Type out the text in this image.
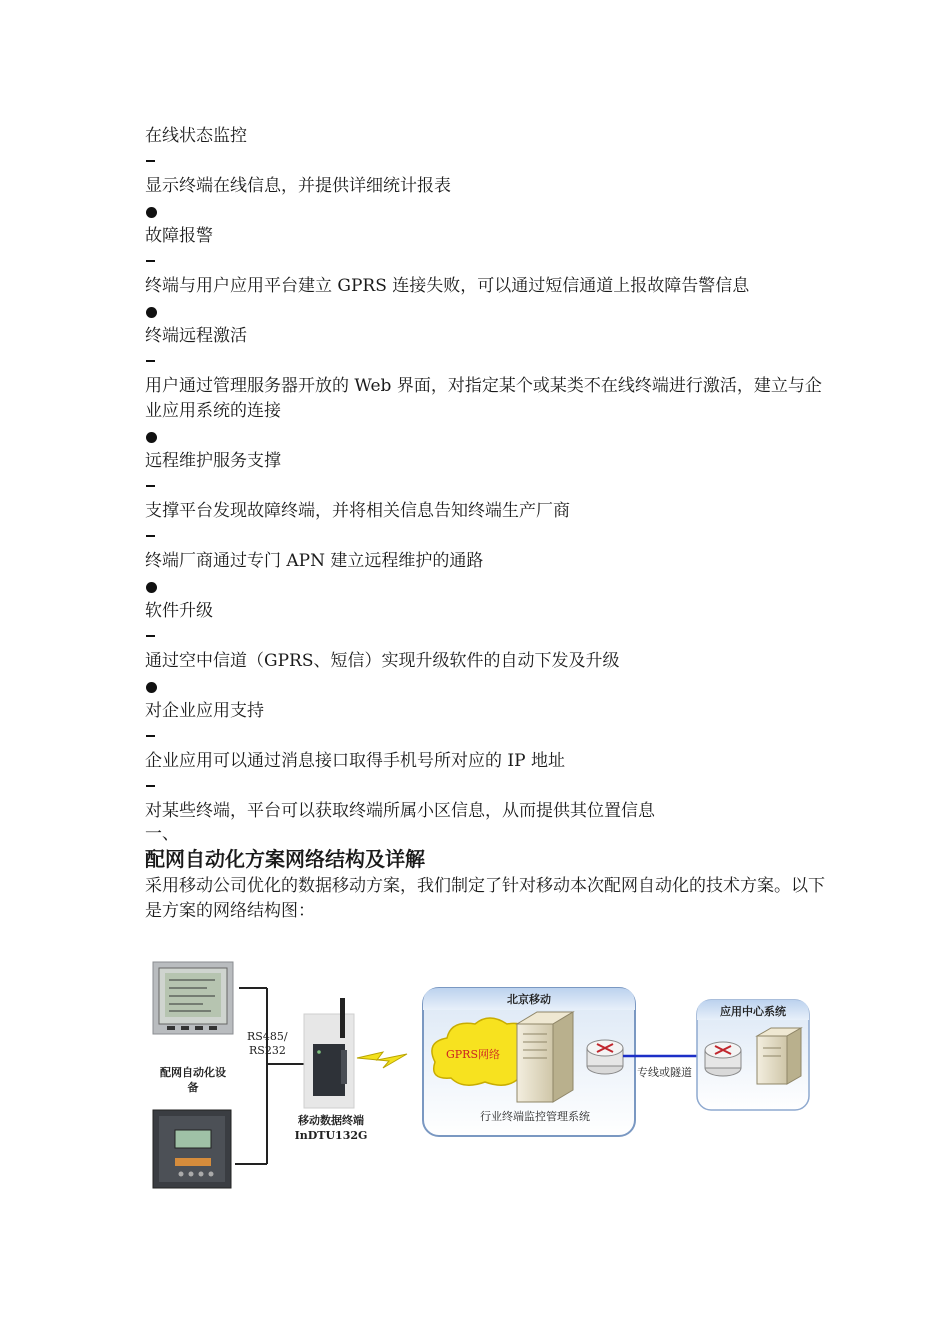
在线状态监控
显示终端在线信息，并提供详细统计报表
故障报警
终端与用户应用平台建立 GPRS 连接失败，可以通过短信通道上报故障告警信息
终端远程激活
用户通过管理服务器开放的 Web 界面，对指定某个或某类不在线终端进行激活，建立与企业应用系统的连接
远程维护服务支撑
支撑平台发现故障终端，并将相关信息告知终端生产厂商
终端厂商通过专门 APN 建立远程维护的通路
软件升级
通过空中信道（GPRS、短信）实现升级软件的自动下发及升级
对企业应用支持
企业应用可以通过消息接口取得手机号所对应的 IP 地址
对某些终端，平台可以获取终端所属小区信息，从而提供其位置信息

一、

配网自动化方案网络结构及详解

采用移动公司优化的数据移动方案，我们制定了针对移动本次配网自动化的技术方案。以下是方案的网络结构图：

配网自动化设
备
RS485/
RS232
移动数据终端
InDTU132G
北京移动
GPRS网络
行业终端监控管理系统
专线或隧道
应用中心系统
